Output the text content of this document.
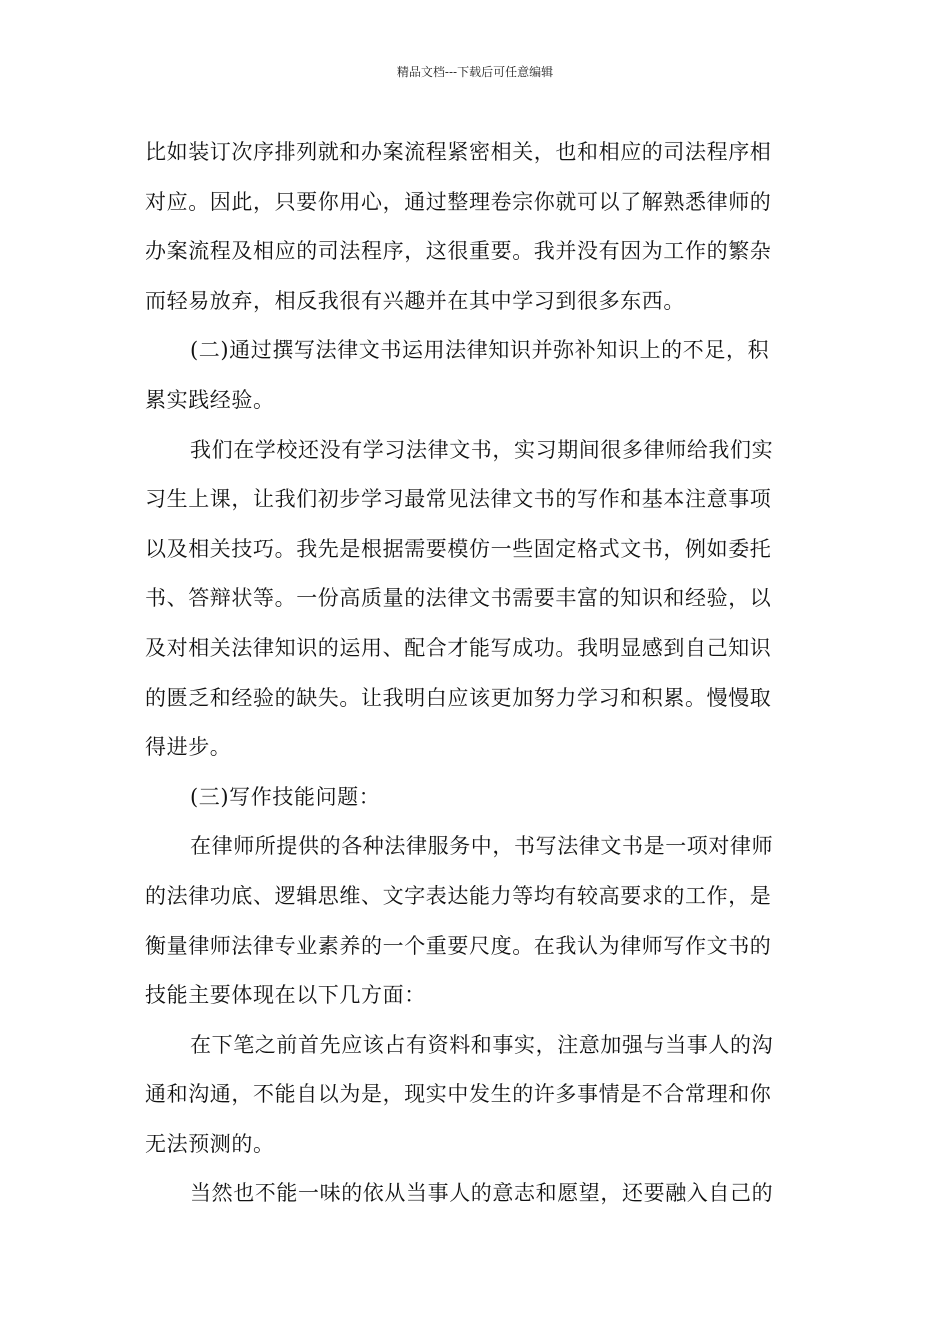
精品文档---下载后可任意编辑
比如装订次序排列就和办案流程紧密相关，也和相应的司法程序相
对应。因此，只要你用心，通过整理卷宗你就可以了解熟悉律师的
办案流程及相应的司法程序，这很重要。我并没有因为工作的繁杂
而轻易放弃，相反我很有兴趣并在其中学习到很多东西。
(二)通过撰写法律文书运用法律知识并弥补知识上的不足，积
累实践经验。
我们在学校还没有学习法律文书，实习期间很多律师给我们实
习生上课，让我们初步学习最常见法律文书的写作和基本注意事项
以及相关技巧。我先是根据需要模仿一些固定格式文书，例如委托
书、答辩状等。一份高质量的法律文书需要丰富的知识和经验，以
及对相关法律知识的运用、配合才能写成功。我明显感到自己知识
的匮乏和经验的缺失。让我明白应该更加努力学习和积累。慢慢取
得进步。
(三)写作技能问题：
在律师所提供的各种法律服务中，书写法律文书是一项对律师
的法律功底、逻辑思维、文字表达能力等均有较高要求的工作，是
衡量律师法律专业素养的一个重要尺度。在我认为律师写作文书的
技能主要体现在以下几方面：
在下笔之前首先应该占有资料和事实，注意加强与当事人的沟
通和沟通，不能自以为是，现实中发生的许多事情是不合常理和你
无法预测的。
当然也不能一味的依从当事人的意志和愿望，还要融入自己的
